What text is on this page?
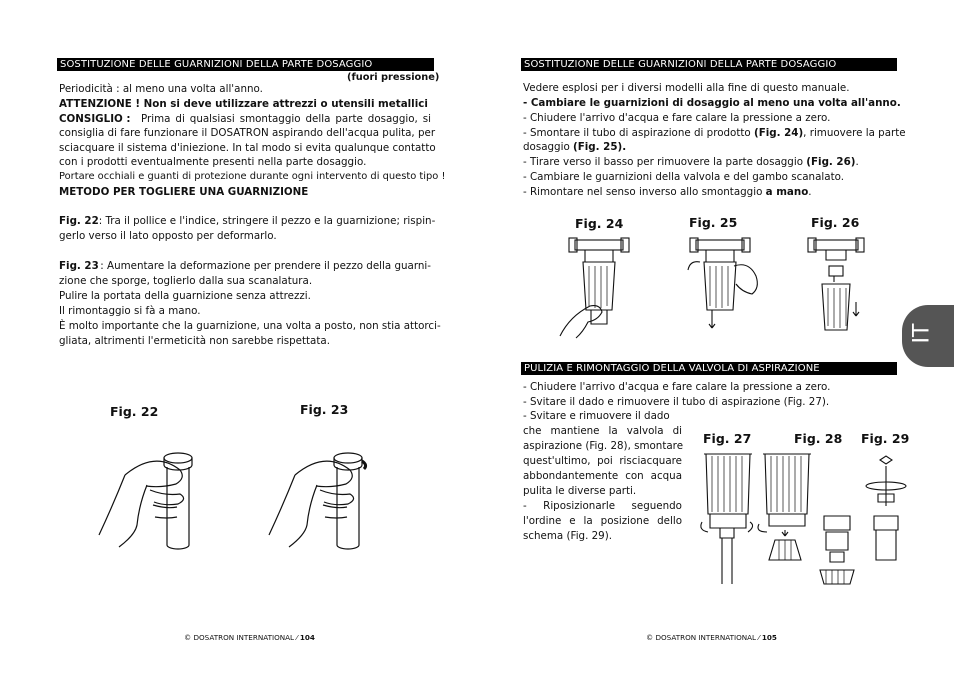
SOSTITUZIONE DELLE GUARNIZIONI DELLA PARTE DOSAGGIO
(fuori pressione)
Periodicità : al meno una volta all'anno.
ATTENZIONE ! Non si deve utilizzare attrezzi o utensili metallici
CONSIGLIO : Prima di qualsiasi smontaggio della parte dosaggio, si
consiglia di fare funzionare il DOSATRON aspirando dell'acqua pulita, per
sciacquare il sistema d'iniezione. In tal modo si evita qualunque contatto
con i prodotti eventualmente presenti nella parte dosaggio.
Portare occhiali e guanti di protezione durante ogni intervento di questo tipo !
METODO PER TOGLIERE UNA GUARNIZIONE
Fig. 22 : Tra il pollice e l'indice, stringere il pezzo e la guarnizione; rispin-
gerlo verso il lato opposto per deformarlo.
Fig. 23 : Aumentare la deformazione per prendere il pezzo della guarni-
zione che sporge, toglierlo dalla sua scanalatura.
Pulire la portata della guarnizione senza attrezzi.
Il rimontaggio si fà a mano.
È molto importante che la guarnizione, una volta a posto, non stia attorci-
gliata, altrimenti l'ermeticità non sarebbe rispettata.
Fig. 22	Fig. 23
© DOSATRON INTERNATIONAL ⁄ 104
SOSTITUZIONE DELLE GUARNIZIONI DELLA PARTE DOSAGGIO
Vedere esplosi per i diversi modelli alla fine di questo manuale.
- Cambiare le guarnizioni di dosaggio al meno una volta all'anno.
- Chiudere l'arrivo d'acqua e fare calare la pressione a zero.
- Smontare il tubo di aspirazione di prodotto (Fig. 24), rimuovere la parte
dosaggio (Fig. 25).
- Tirare verso il basso per rimuovere la parte dosaggio (Fig. 26).
- Cambiare le guarnizioni della valvola e del gambo scanalato.
- Rimontare nel senso inverso allo smontaggio a mano.
Fig. 24	Fig. 25	Fig. 26
PULIZIA E RIMONTAGGIO DELLA VALVOLA DI ASPIRAZIONE
- Chiudere l'arrivo d'acqua e fare calare la pressione a zero.
- Svitare il dado e rimuovere il tubo di aspirazione (Fig. 27).
- Svitare e rimuovere il dado
che mantiene la valvola di
aspirazione (Fig. 28), smontare
quest'ultimo, poi risciacquare
abbondantemente con acqua
pulita le diverse parti.
- Riposizionarle seguendo
l'ordine e la posizione dello
schema (Fig. 29).
Fig. 27	Fig. 28 Fig. 29
© DOSATRON INTERNATIONAL ⁄ 105
IT
